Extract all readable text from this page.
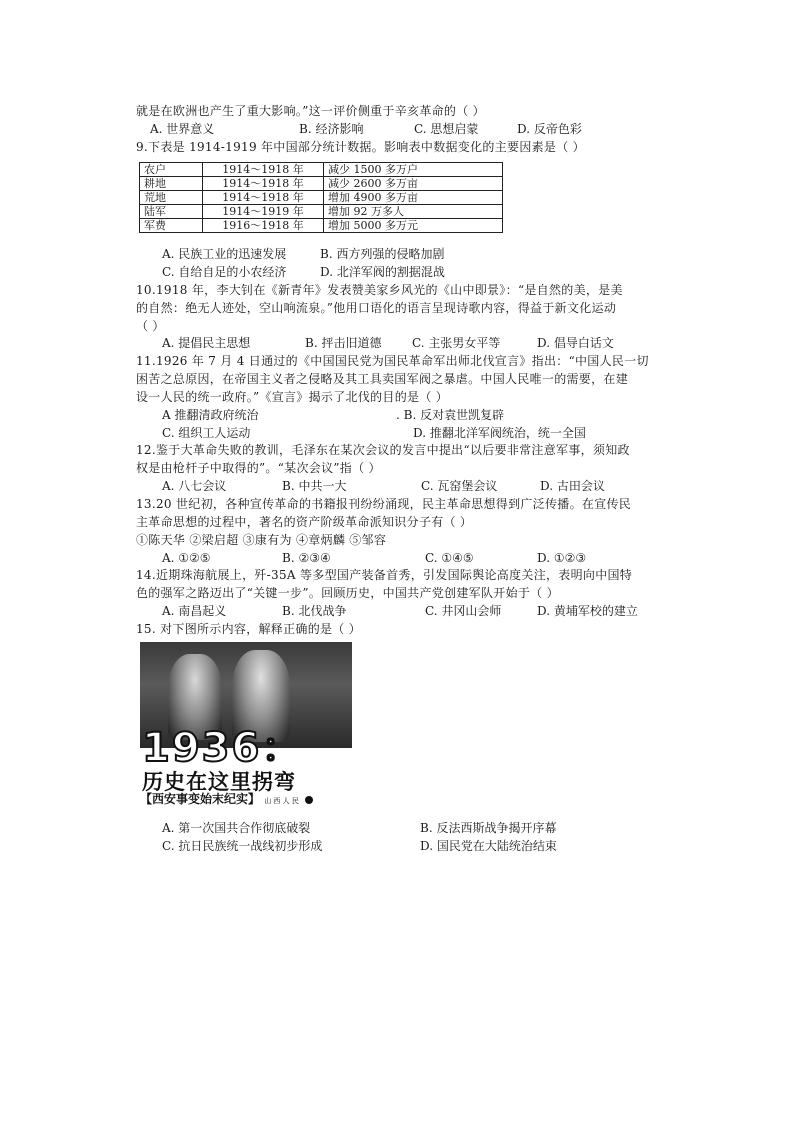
就是在欧洲也产生了重大影响。”这一评价侧重于辛亥革命的（ ）
A. 世界意义	B. 经济影响	C. 思想启蒙	D. 反帝色彩
9.下表是 1914-1919 年中国部分统计数据。影响表中数据变化的主要因素是（ ）
农户	1914～1918 年	减少 1500 多万户
耕地	1914～1918 年	减少 2600 多万亩
荒地	1914～1918 年	增加 4900 多万亩
陆军	1914～1919 年	增加 92 万多人
军费	1916～1918 年	增加 5000 多万元
A. 民族工业的迅速发展	B. 西方列强的侵略加剧
C. 自给自足的小农经济	D. 北洋军阀的割据混战
10.1918 年，李大钊在《新青年》发表赞美家乡风光的《山中即景》：“是自然的美，是美
的自然：绝无人迹处，空山响流泉。”他用口语化的语言呈现诗歌内容，得益于新文化运动
（ ）
A. 提倡民主思想	B. 抨击旧道德	C. 主张男女平等	D. 倡导白话文
11.1926 年 7 月 4 日通过的《中国国民党为国民革命军出师北伐宣言》指出：“中国人民一切
困苦之总原因，在帝国主义者之侵略及其工具卖国军阀之暴虐。中国人民唯一的需要，在建
设一人民的统一政府。”《宣言》揭示了北伐的目的是（ ）
A 推翻清政府统治	. B. 反对袁世凯复辟
C. 组织工人运动	D. 推翻北洋军阀统治，统一全国
12.鉴于大革命失败的教训，毛泽东在某次会议的发言中提出“以后要非常注意军事，须知政
权是由枪杆子中取得的”。“某次会议”指（ ）
A. 八七会议	B. 中共一大	C. 瓦窑堡会议	D. 古田会议
13.20 世纪初，各种宣传革命的书籍报刊纷纷涌现，民主革命思想得到广泛传播。在宣传民
主革命思想的过程中，著名的资产阶级革命派知识分子有（ ）
①陈天华 ②梁启超 ③康有为 ④章炳麟 ⑤邹容
A. ①②⑤	B. ②③④	C. ①④⑤	D. ①②③
14.近期珠海航展上，歼-35A 等多型国产装备首秀，引发国际舆论高度关注，表明向中国特
色的强军之路迈出了“关键一步”。回顾历史，中国共产党创建军队开始于（ ）
A. 南昌起义	B. 北伐战争	C. 井冈山会师	D. 黄埔军校的建立
15. 对下图所示内容，解释正确的是（ ）
1936：
历史在这里拐弯
【西安事变始末纪实】 山 西 人 民
A. 第一次国共合作彻底破裂	B. 反法西斯战争揭开序幕
C. 抗日民族统一战线初步形成	D. 国民党在大陆统治结束
